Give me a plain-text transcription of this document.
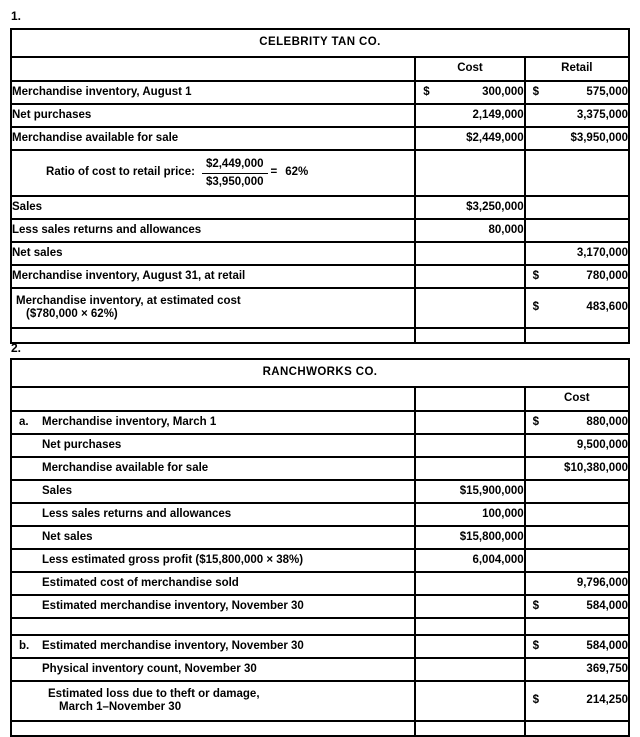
1.
CELEBRITY TAN CO.		
	Cost	Retail
Merchandise inventory, August 1	$ 300,000	$ 575,000
Net purchases	2,149,000	3,375,000
Merchandise available for sale	$2,449,000	$3,950,000

Ratio of cost to retail price: $\frac{\$2,449,000}{\$3,950,000} = 62\%$		

Sales	$3,250,000	

Less sales returns and allowances	80,000	

Net sales		3,170,000
Merchandise inventory, August 31, at retail		$ 780,000

Merchandise inventory, at estimated cost
($780,000 × 62%)		$ 483,600

2.
RANCHWORKS CO.		
		Cost
a. Merchandise inventory, March 1		$ 880,000
Net purchases		9,500,000
Merchandise available for sale		$10,380,000
Sales	$15,900,000	

Less sales returns and allowances	100,000	

Net sales	$15,800,000	

Less estimated gross profit ($15,800,000 × 38%)	6,004,000	

Estimated cost of merchandise sold		9,796,000
Estimated merchandise inventory, November 30		$ 584,000

b. Estimated merchandise inventory, November 30		$ 584,000
Physical inventory count, November 30		369,750

Estimated loss due to theft or damage,
March 1–November 30		$ 214,250
